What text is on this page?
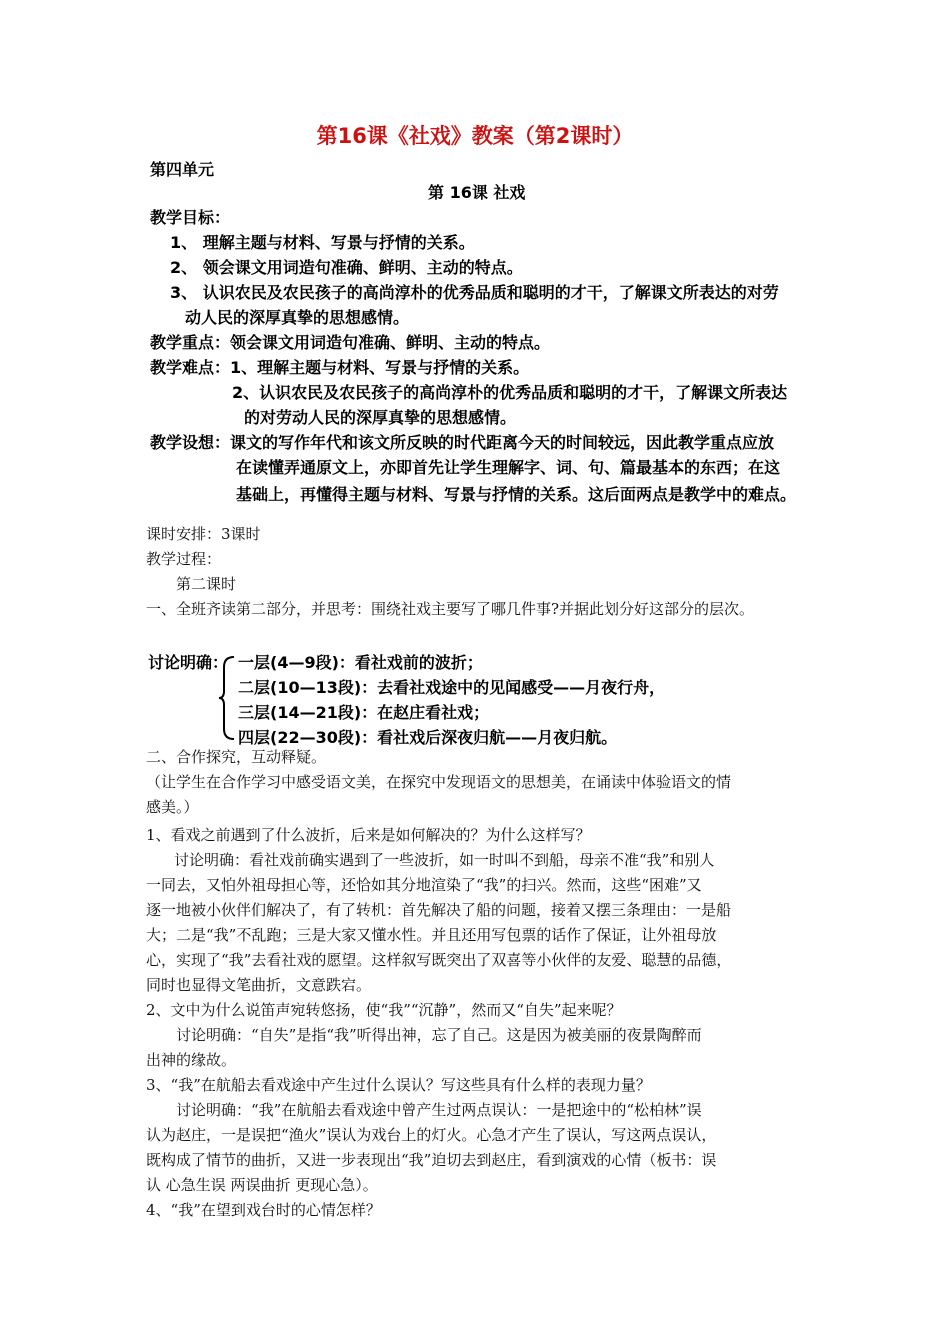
第16课《社戏》教案（第2课时）
第四单元
第 16课 社戏
教学目标：
1、 理解主题与材料、写景与抒情的关系。
2、 领会课文用词造句准确、鲜明、主动的特点。
3、 认识农民及农民孩子的高尚淳朴的优秀品质和聪明的才干，了解课文所表达的对劳
动人民的深厚真挚的思想感情。
教学重点：领会课文用词造句准确、鲜明、主动的特点。
教学难点：1、理解主题与材料、写景与抒情的关系。
2、认识农民及农民孩子的高尚淳朴的优秀品质和聪明的才干，了解课文所表达
的对劳动人民的深厚真挚的思想感情。
教学设想：课文的写作年代和该文所反映的时代距离今天的时间较远，因此教学重点应放
在读懂弄通原文上，亦即首先让学生理解字、词、句、篇最基本的东西；在这
基础上，再懂得主题与材料、写景与抒情的关系。这后面两点是教学中的难点。
课时安排：3课时
教学过程：
第二课时
一、全班齐读第二部分，并思考：围绕社戏主要写了哪几件事?并据此划分好这部分的层次。
讨论明确： 一层(4—9段)：看社戏前的波折；
二层(10—13段)：去看社戏途中的见闻感受——月夜行舟，
三层(14—21段)：在赵庄看社戏；
四层(22—30段)：看社戏后深夜归航——月夜归航。
二、合作探究，互动释疑。
（让学生在合作学习中感受语文美，在探究中发现语文的思想美，在诵读中体验语文的情
感美。）
1、看戏之前遇到了什么波折，后来是如何解决的？为什么这样写？
讨论明确：看社戏前确实遇到了一些波折，如一时叫不到船，母亲不准“我”和别人
一同去，又怕外祖母担心等，还恰如其分地渲染了“我”的扫兴。然而，这些“困难”又
逐一地被小伙伴们解决了，有了转机：首先解决了船的问题，接着又摆三条理由：一是船
大；二是“我”不乱跑；三是大家又懂水性。并且还用写包票的话作了保证，让外祖母放
心，实现了“我”去看社戏的愿望。这样叙写既突出了双喜等小伙伴的友爱、聪慧的品德，
同时也显得文笔曲折，文意跌宕。
2、文中为什么说笛声宛转悠扬，使“我”“沉静”，然而又“自失”起来呢？
讨论明确：“自失”是指“我”听得出神，忘了自己。这是因为被美丽的夜景陶醉而
出神的缘故。
3、“我”在航船去看戏途中产生过什么误认？写这些具有什么样的表现力量？
讨论明确：“我”在航船去看戏途中曾产生过两点误认：一是把途中的“松柏林”误
认为赵庄，一是误把“渔火”误认为戏台上的灯火。心急才产生了误认，写这两点误认，
既构成了情节的曲折，又进一步表现出“我”迫切去到赵庄，看到演戏的心情（板书：误
认 心急生误 两误曲折 更现心急）。
4、“我”在望到戏台时的心情怎样？
